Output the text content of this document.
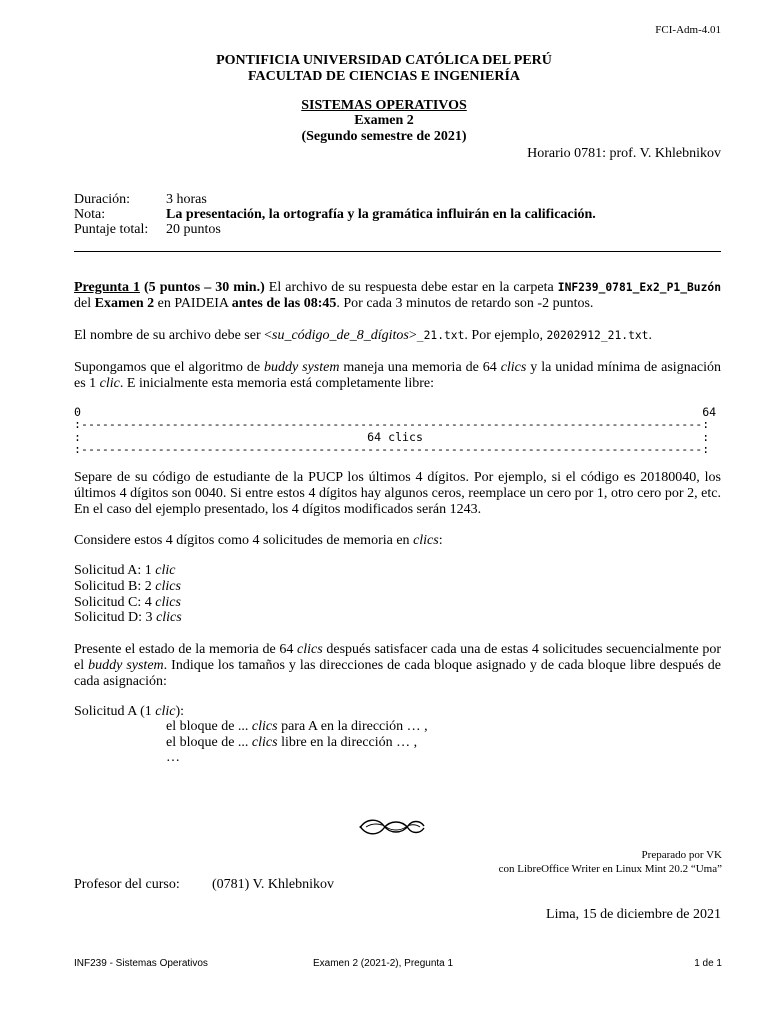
FCI-Adm-4.01
PONTIFICIA UNIVERSIDAD CATÓLICA DEL PERÚ
FACULTAD DE CIENCIAS E INGENIERÍA
SISTEMAS OPERATIVOS
Examen 2
(Segundo semestre de 2021)
Horario 0781: prof. V. Khlebnikov
Duración:	3 horas
Nota:	La presentación, la ortografía y la gramática influirán en la calificación.
Puntaje total: 20 puntos
Pregunta 1 (5 puntos – 30 min.) El archivo de su respuesta debe estar en la carpeta INF239_0781_Ex2_P1_Buzón del Examen 2 en PAIDEIA antes de las 08:45. Por cada 3 minutos de retardo son -2 puntos.
El nombre de su archivo debe ser <su_código_de_8_dígitos>_21.txt. Por ejemplo, 20202912_21.txt.
Supongamos que el algoritmo de buddy system maneja una memoria de 64 clics y la unidad mínima de asignación es 1 clic. E inicialmente esta memoria está completamente libre:
0                                                                                         64
:-----------------------------------------------------------------------------------------:
:                                         64 clics                                        :
:-----------------------------------------------------------------------------------------:
Separe de su código de estudiante de la PUCP los últimos 4 dígitos. Por ejemplo, si el código es 20180040, los últimos 4 dígitos son 0040. Si entre estos 4 dígitos hay algunos ceros, reemplace un cero por 1, otro cero por 2, etc. En el caso del ejemplo presentado, los 4 dígitos modificados serán 1243.
Considere estos 4 dígitos como 4 solicitudes de memoria en clics:
Solicitud A: 1 clic
Solicitud B: 2 clics
Solicitud C: 4 clics
Solicitud D: 3 clics
Presente el estado de la memoria de 64 clics después satisfacer cada una de estas 4 solicitudes secuencialmente por el buddy system. Indique los tamaños y las direcciones de cada bloque asignado y de cada bloque libre después de cada asignación:
Solicitud A (1 clic):
el bloque de ... clics para A en la dirección … ,
el bloque de ... clics libre en la dirección … ,
…
Preparado por VK
con LibreOffice Writer en Linux Mint 20.2 “Uma”
Profesor del curso: (0781) V. Khlebnikov
Lima, 15 de diciembre de 2021
INF239 - Sistemas Operativos	Examen 2 (2021-2), Pregunta 1	1 de 1
